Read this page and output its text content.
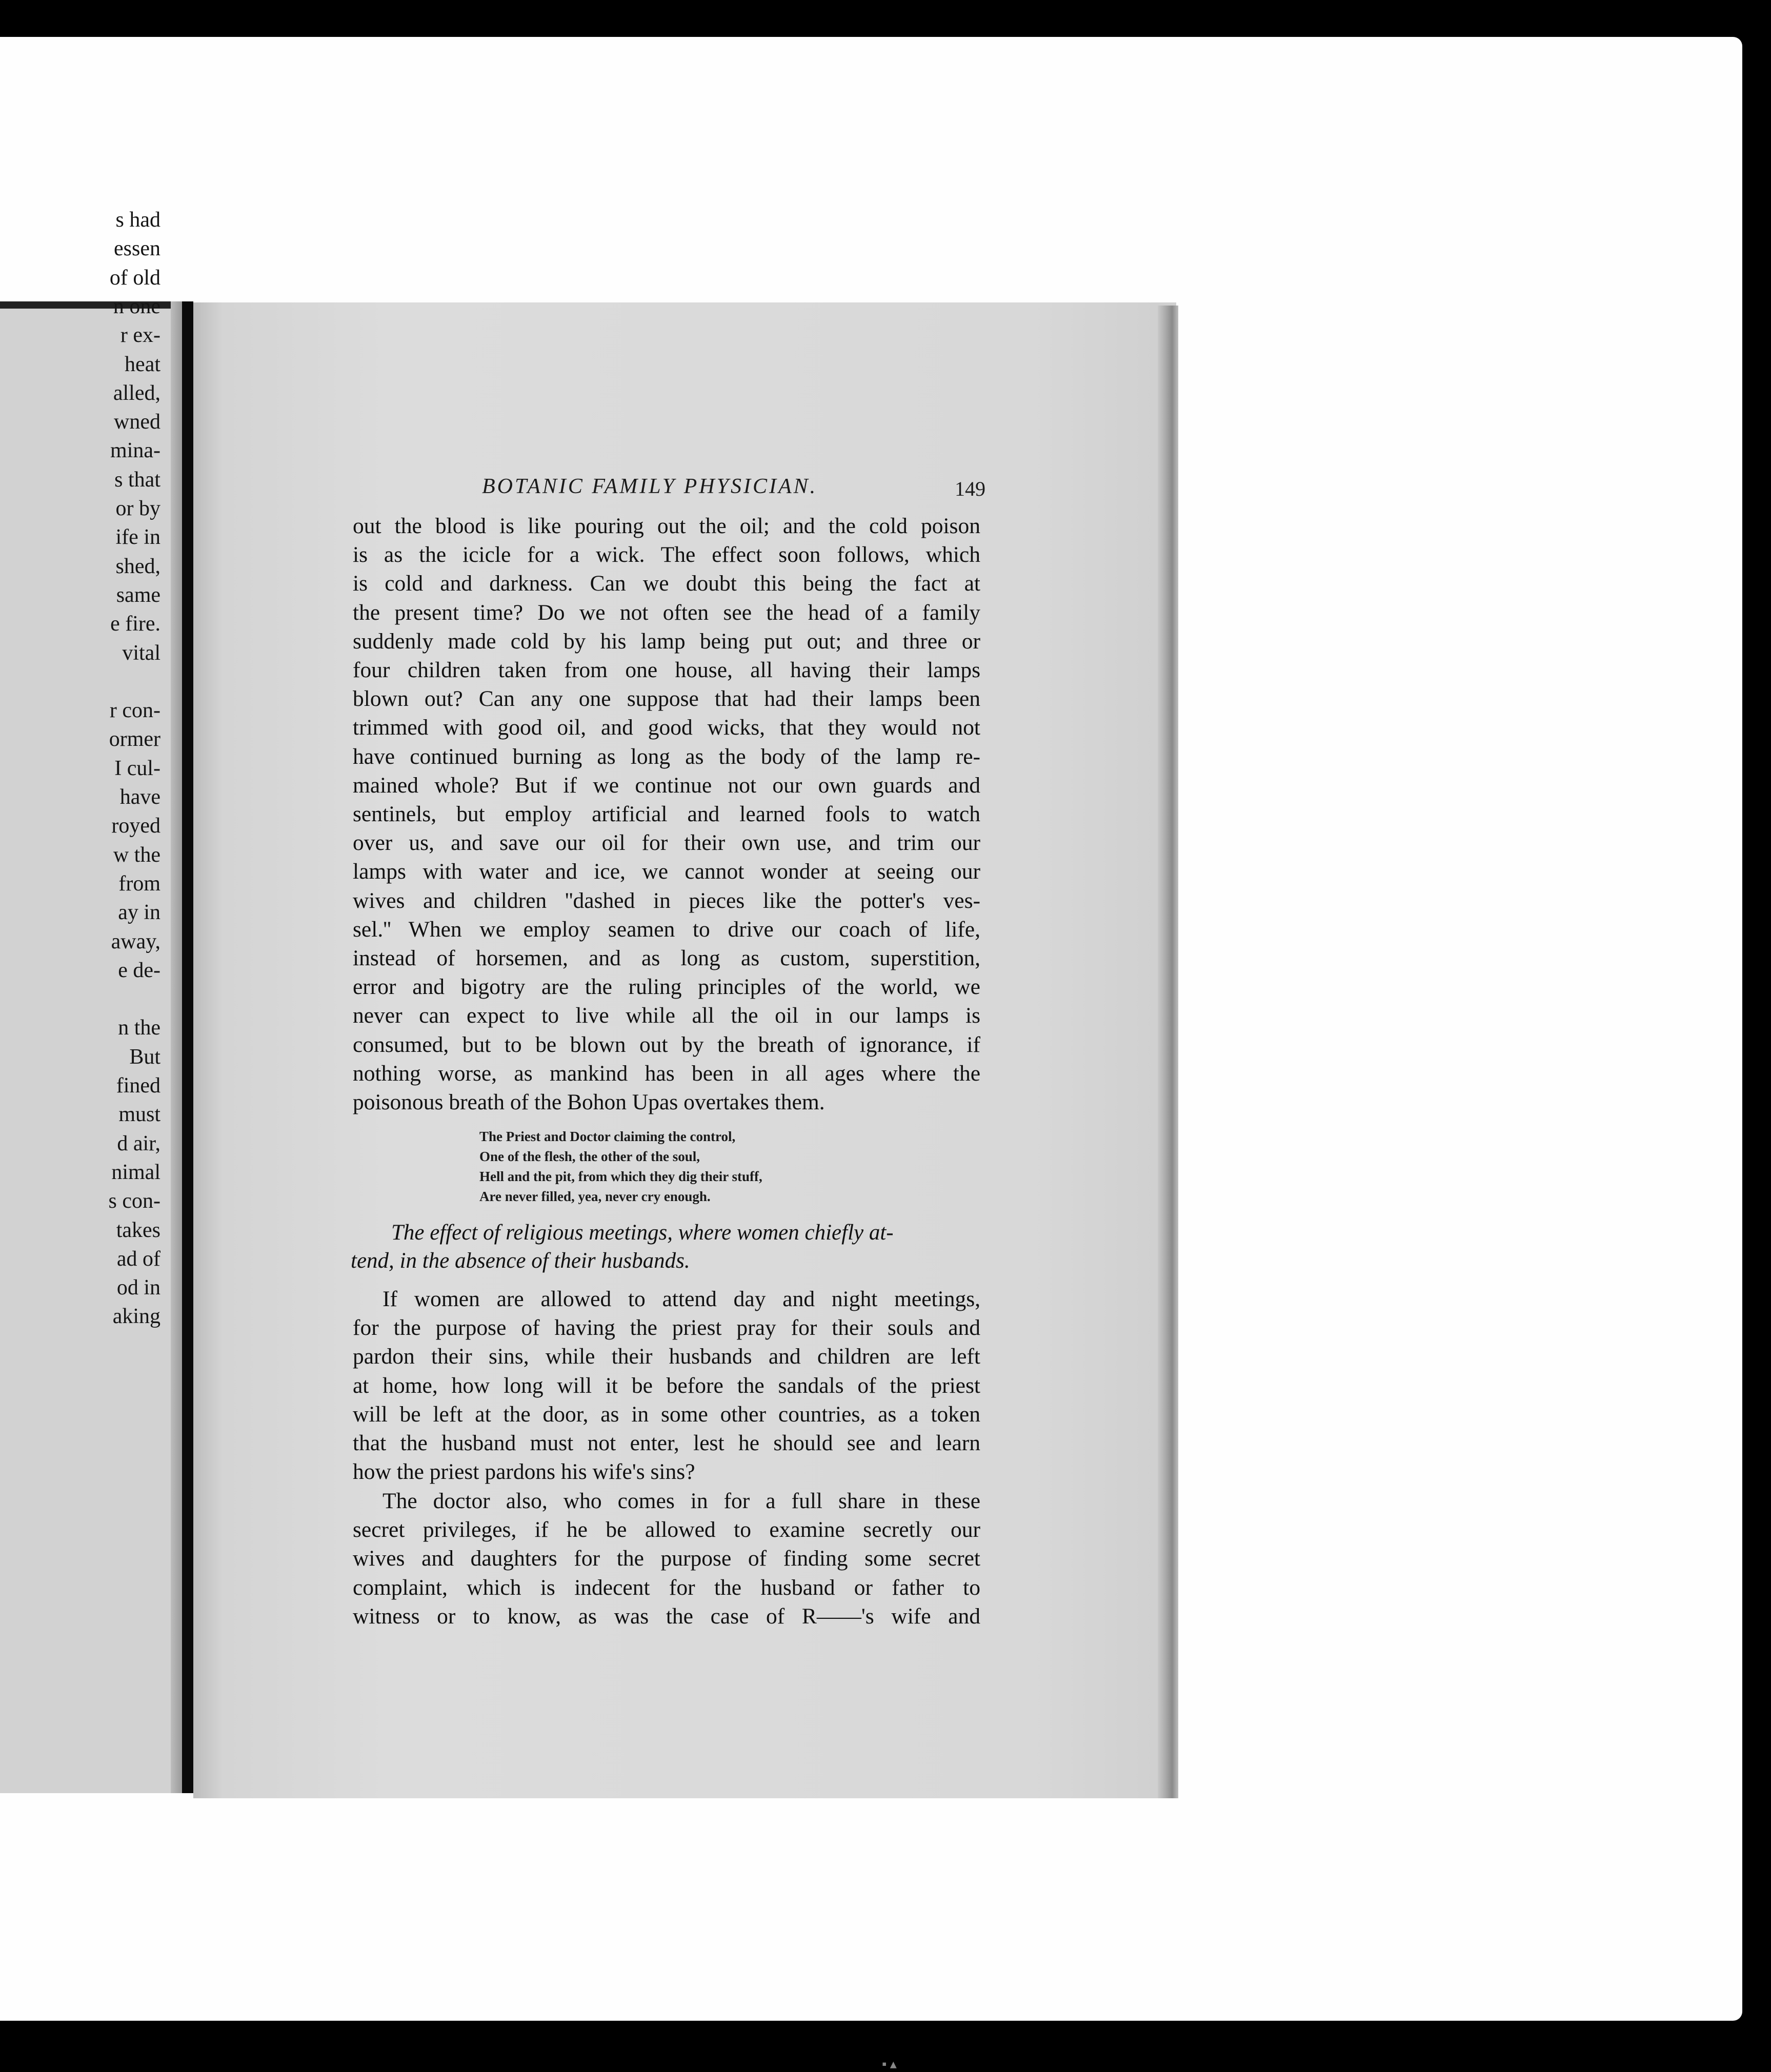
s had
essen
of old
n one
r ex-
heat
alled,
wned
mina-
s that
or by
ife in
shed,
same
e fire.
vital
r con-
ormer
I cul-
have
royed
w the
from
ay in
away,
e de-
n the
But
fined
must
d air,
nimal
s con-
takes
ad of
od in
aking
BOTANIC FAMILY PHYSICIAN.	149
out the blood is like pouring out the oil; and the cold poison
is as the icicle for a wick. The effect soon follows, which
is cold and darkness. Can we doubt this being the fact at
the present time? Do we not often see the head of a family
suddenly made cold by his lamp being put out; and three or
four children taken from one house, all having their lamps
blown out? Can any one suppose that had their lamps been
trimmed with good oil, and good wicks, that they would not
have continued burning as long as the body of the lamp re-
mained whole? But if we continue not our own guards and
sentinels, but employ artificial and learned fools to watch
over us, and save our oil for their own use, and trim our
lamps with water and ice, we cannot wonder at seeing our
wives and children ''dashed in pieces like the potter's ves-
sel.'' When we employ seamen to drive our coach of life,
instead of horsemen, and as long as custom, superstition,
error and bigotry are the ruling principles of the world, we
never can expect to live while all the oil in our lamps is
consumed, but to be blown out by the breath of ignorance, if
nothing worse, as mankind has been in all ages where the
poisonous breath of the Bohon Upas overtakes them.
The Priest and Doctor claiming the control,
One of the flesh, the other of the soul,
Hell and the pit, from which they dig their stuff,
Are never filled, yea, never cry enough.
The effect of religious meetings, where women chiefly at-
tend, in the absence of their husbands.
If women are allowed to attend day and night meetings,
for the purpose of having the priest pray for their souls and
pardon their sins, while their husbands and children are left
at home, how long will it be before the sandals of the priest
will be left at the door, as in some other countries, as a token
that the husband must not enter, lest he should see and learn
how the priest pardons his wife's sins?
The doctor also, who comes in for a full share in these
secret privileges, if he be allowed to examine secretly our
wives and daughters for the purpose of finding some secret
complaint, which is indecent for the husband or father to
witness or to know, as was the case of R——'s wife and
▪ ▴
